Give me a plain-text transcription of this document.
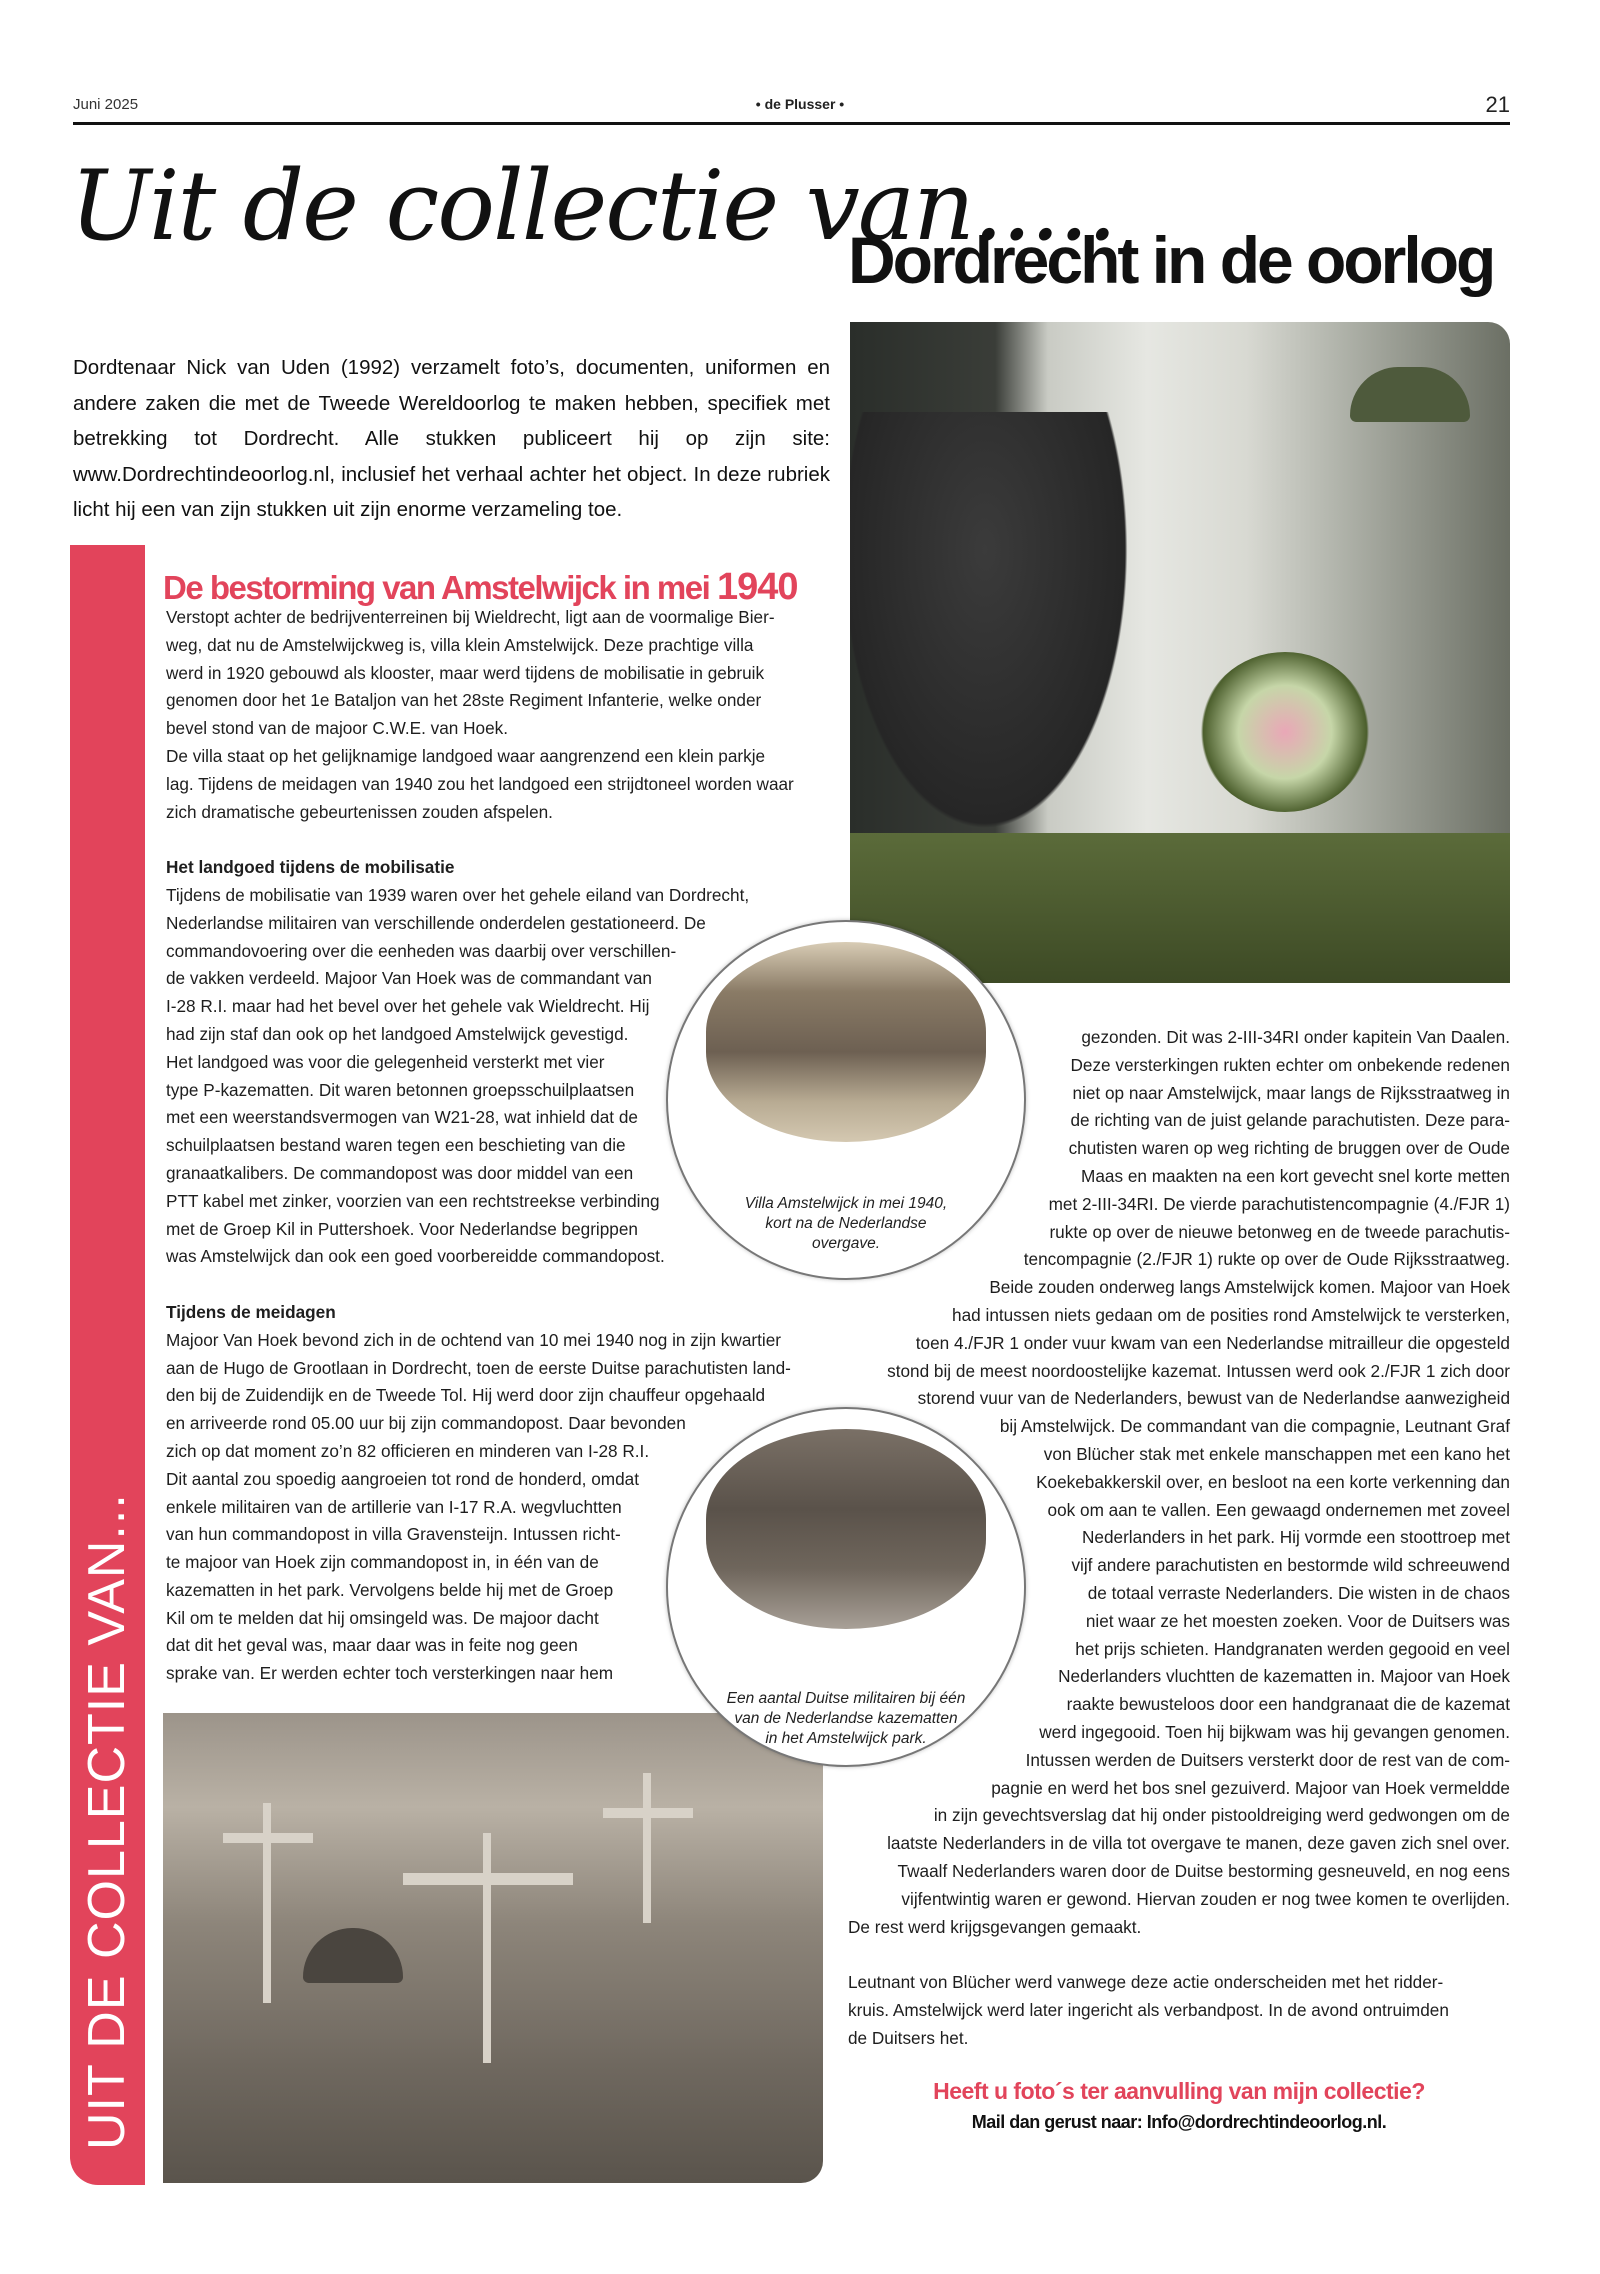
Juni 2025	• de Plusser •	21
Uit de collectie van.....
Dordrecht in de oorlog
Dordtenaar Nick van Uden (1992) verzamelt foto’s, documenten, uniformen en andere zaken die met de Tweede Wereldoorlog te maken hebben, specifiek met betrekking tot Dordrecht. Alle stukken publiceert hij op zijn site: www.Dordrechtindeoorlog.nl, inclusief het verhaal achter het object. In deze rubriek licht hij een van zijn stukken uit zijn enorme verzameling toe.
UIT DE COLLECTIE VAN...
De bestorming van Amstelwijck in mei 1940
Verstopt achter de bedrijventerreinen bij Wieldrecht, ligt aan de voormalige Bier-
weg, dat nu de Amstelwijckweg is, villa klein Amstelwijck. Deze prachtige villa
werd in 1920 gebouwd als klooster, maar werd tijdens de mobilisatie in gebruik
genomen door het 1e Bataljon van het 28ste Regiment Infanterie, welke onder
bevel stond van de majoor C.W.E. van Hoek.
De villa staat op het gelijknamige landgoed waar aangrenzend een klein parkje
lag. Tijdens de meidagen van 1940 zou het landgoed een strijdtoneel worden waar
zich dramatische gebeurtenissen zouden afspelen.
Het landgoed tijdens de mobilisatie
Tijdens de mobilisatie van 1939 waren over het gehele eiland van Dordrecht,
Nederlandse militairen van verschillende onderdelen gestationeerd. De
commandovoering over die eenheden was daarbij over verschillen-
de vakken verdeeld. Majoor Van Hoek was de commandant van
I-28 R.I. maar had het bevel over het gehele vak Wieldrecht. Hij
had zijn staf dan ook op het landgoed Amstelwijck gevestigd.
Het landgoed was voor die gelegenheid versterkt met vier
type P-kazematten. Dit waren betonnen groepsschuilplaatsen
met een weerstandsvermogen van W21-28, wat inhield dat de
schuilplaatsen bestand waren tegen een beschieting van die
granaatkalibers. De commandopost was door middel van een
PTT kabel met zinker, voorzien van een rechtstreekse verbinding
met de Groep Kil in Puttershoek. Voor Nederlandse begrippen
was Amstelwijck dan ook een goed voorbereidde commandopost.
Tijdens de meidagen
Majoor Van Hoek bevond zich in de ochtend van 10 mei 1940 nog in zijn kwartier
aan de Hugo de Grootlaan in Dordrecht, toen de eerste Duitse parachutisten land-
den bij de Zuidendijk en de Tweede Tol. Hij werd door zijn chauffeur opgehaald
en arriveerde rond 05.00 uur bij zijn commandopost. Daar bevonden
zich op dat moment zo’n 82 officieren en minderen van I-28 R.I.
Dit aantal zou spoedig aangroeien tot rond de honderd, omdat
enkele militairen van de artillerie van I-17 R.A. wegvluchtten
van hun commandopost in villa Gravensteijn. Intussen richt-
te majoor van Hoek zijn commandopost in, in één van de
kazematten in het park. Vervolgens belde hij met de Groep
Kil om te melden dat hij omsingeld was. De majoor dacht
dat dit het geval was, maar daar was in feite nog geen
sprake van. Er werden echter toch versterkingen naar hem
gezonden. Dit was 2-III-34RI onder kapitein Van Daalen.
Deze versterkingen rukten echter om onbekende redenen
niet op naar Amstelwijck, maar langs de Rijksstraatweg in
de richting van de juist gelande parachutisten. Deze para-
chutisten waren op weg richting de bruggen over de Oude
Maas en maakten na een kort gevecht snel korte metten
met 2-III-34RI. De vierde parachutistencompagnie (4./FJR 1)
rukte op over de nieuwe betonweg en de tweede parachutis-
tencompagnie (2./FJR 1) rukte op over de Oude Rijksstraatweg.
Beide zouden onderweg langs Amstelwijck komen. Majoor van Hoek
had intussen niets gedaan om de posities rond Amstelwijck te versterken,
toen 4./FJR 1 onder vuur kwam van een Nederlandse mitrailleur die opgesteld
stond bij de meest noordoostelijke kazemat. Intussen werd ook 2./FJR 1 zich door
storend vuur van de Nederlanders, bewust van de Nederlandse aanwezigheid
bij Amstelwijck. De commandant van die compagnie, Leutnant Graf
von Blücher stak met enkele manschappen met een kano het
Koekebakkerskil over, en besloot na een korte verkenning dan
ook om aan te vallen. Een gewaagd ondernemen met zoveel
Nederlanders in het park. Hij vormde een stoottroep met
vijf andere parachutisten en bestormde wild schreeuwend
de totaal verraste Nederlanders. Die wisten in de chaos
niet waar ze het moesten zoeken. Voor de Duitsers was
het prijs schieten. Handgranaten werden gegooid en veel
Nederlanders vluchtten de kazematten in. Majoor van Hoek
raakte bewusteloos door een handgranaat die de kazemat
werd ingegooid. Toen hij bijkwam was hij gevangen genomen.
Intussen werden de Duitsers versterkt door de rest van de com-
pagnie en werd het bos snel gezuiverd. Majoor van Hoek vermeldde
in zijn gevechtsverslag dat hij onder pistooldreiging werd gedwongen om de
laatste Nederlanders in de villa tot overgave te manen, deze gaven zich snel over.
Twaalf Nederlanders waren door de Duitse bestorming gesneuveld, en nog eens
vijfentwintig waren er gewond. Hiervan zouden er nog twee komen te overlijden.
De rest werd krijgsgevangen gemaakt.
Leutnant von Blücher werd vanwege deze actie onderscheiden met het ridder-
kruis. Amstelwijck werd later ingericht als verbandpost. In de avond ontruimden
de Duitsers het.
Villa Amstelwijck in mei 1940,
kort na de Nederlandse
overgave.
Een aantal Duitse militairen bij één
van de Nederlandse kazematten
in het Amstelwijck park.
Heeft u foto´s ter aanvulling van mijn collectie?
Mail dan gerust naar: Info@dordrechtindeoorlog.nl.
